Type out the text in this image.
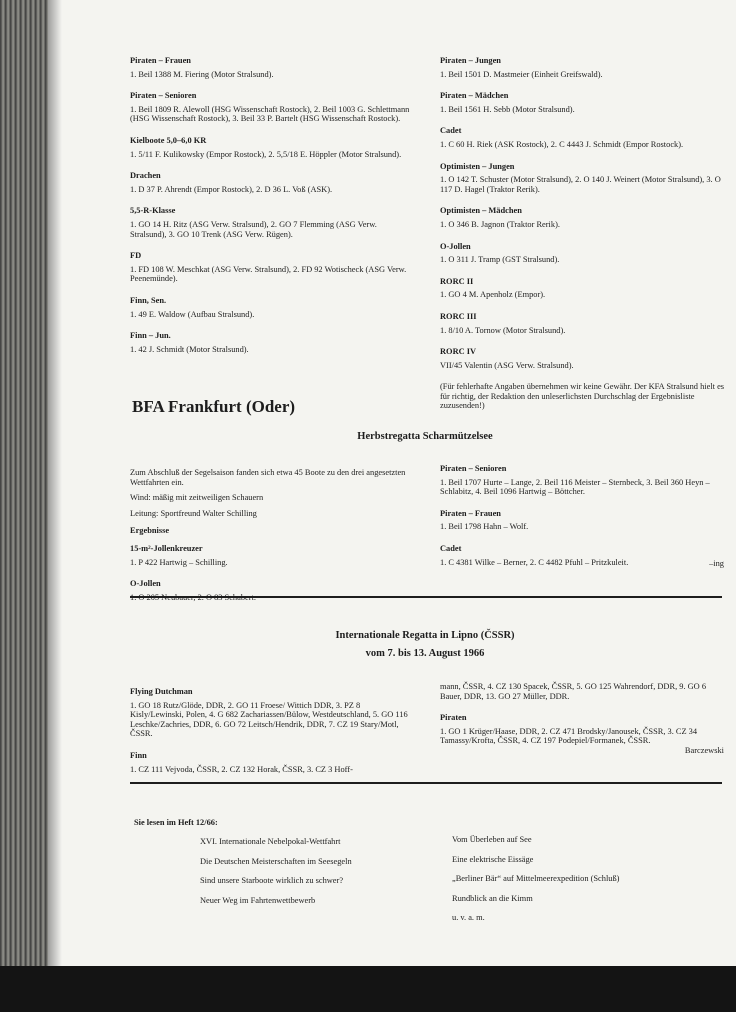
Piraten – Frauen

1. Beil 1388 M. Fiering (Motor Stralsund).

Piraten – Senioren

1. Beil 1809 R. Alewoll (HSG Wissenschaft Rostock), 2. Beil 1003 G. Schlettmann (HSG Wissenschaft Rostock), 3. Beil 33 P. Bartelt (HSG Wissenschaft Rostock).

Kielboote 5,0–6,0 KR

1. 5/11 F. Kulikowsky (Empor Rostock), 2. 5,5/18 E. Höppler (Motor Stralsund).

Drachen

1. D 37 P. Ahrendt (Empor Rostock), 2. D 36 L. Voß (ASK).

5,5-R-Klasse

1. GO 14 H. Ritz (ASG Verw. Stralsund), 2. GO 7 Flemming (ASG Verw. Stralsund), 3. GO 10 Trenk (ASG Verw. Rügen).

FD

1. FD 108 W. Meschkat (ASG Verw. Stralsund), 2. FD 92 Wotischeck (ASG Verw. Peenemünde).

Finn, Sen.

1. 49 E. Waldow (Aufbau Stralsund).

Finn – Jun.

1. 42 J. Schmidt (Motor Stralsund).

Piraten – Jungen

1. Beil 1501 D. Mastmeier (Einheit Greifswald).

Piraten – Mädchen

1. Beil 1561 H. Sebb (Motor Stralsund).

Cadet

1. C 60 H. Riek (ASK Rostock), 2. C 4443 J. Schmidt (Empor Rostock).

Optimisten – Jungen

1. O 142 T. Schuster (Motor Stralsund), 2. O 140 J. Weinert (Motor Stralsund), 3. O 117 D. Hagel (Traktor Rerik).

Optimisten – Mädchen

1. O 346 B. Jagnon (Traktor Rerik).

O-Jollen

1. O 311 J. Tramp (GST Stralsund).

RORC II

1. GO 4 M. Apenholz (Empor).

RORC III

1. 8/10 A. Tornow (Motor Stralsund).

RORC IV

VII/45 Valentin (ASG Verw. Stralsund).

(Für fehlerhafte Angaben übernehmen wir keine Gewähr. Der KFA Stralsund hielt es für richtig, der Redaktion den unleserlichsten Durchschlag der Ergebnisliste zuzusenden!)

BFA Frankfurt (Oder)
Herbstregatta Scharmützelsee

Zum Abschluß der Segelsaison fanden sich etwa 45 Boote zu den drei angesetzten Wettfahrten ein.

Wind: mäßig mit zeitweiligen Schauern

Leitung: Sportfreund Walter Schilling

Ergebnisse

15-m²-Jollenkreuzer

1. P 422 Hartwig – Schilling.

O-Jollen

Piraten – Senioren

1. Beil 1707 Hurte – Lange, 2. Beil 116 Meister – Sternbeck, 3. Beil 360 Heyn – Schlabitz, 4. Beil 1096 Hartwig – Böttcher.

Piraten – Frauen

1. Beil 1798 Hahn – Wolf.

Cadet

1. C 4381 Wilke – Berner, 2. C 4482 Pfuhl – Pritzkuleit.	–ing

Internationale Regatta in Lipno (ČSSR)
vom 7. bis 13. August 1966

Flying Dutchman

1. GO 18 Rutz/Glöde, DDR, 2. GO 11 Froese/ Wittich DDR, 3. PZ 8 Kisly/Lewinski, Polen, 4. G 682 Zachariassen/Bülow, Westdeutschland, 5. GO 116 Leschke/Zachries, DDR, 6. GO 72 Leitsch/Hendrik, DDR, 7. CZ 19 Stary/Motl, ČSSR.

Finn

1. CZ 111 Vejvoda, ČSSR, 2. CZ 132 Horak, ČSSR, 3. CZ 3 Hoff-

mann, ČSSR, 4. CZ 130 Spacek, ČSSR, 5. GO 125 Wahrendorf, DDR, 9. GO 6 Bauer, DDR, 13. GO 27 Müller, DDR.

Piraten

1. GO 1 Krüger/Haase, DDR, 2. CZ 471 Brodsky/Janousek, ČSSR, 3. CZ 34 Tamassy/Krofta, ČSSR, 4. CZ 197 Podepiel/Formanek, ČSSR.

Barczewski

Sie lesen im Heft 12/66:

XVI. Internationale Nebelpokal-Wettfahrt

Die Deutschen Meisterschaften im Seesegeln

Sind unsere Starboote wirklich zu schwer?

Neuer Weg im Fahrtenwettbewerb

Vom Überleben auf See

Eine elektrische Eissäge

„Berliner Bär“ auf Mittelmeerexpedition (Schluß)

Rundblick an die Kimm

u. v. a. m.
